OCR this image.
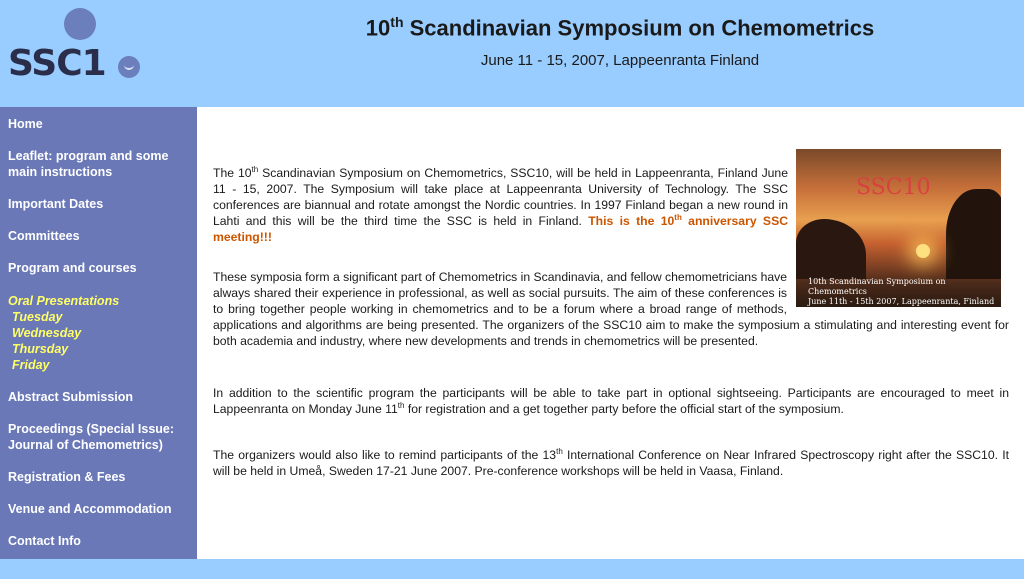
SSC1
10th Scandinavian Symposium on Chemometrics
June 11 - 15, 2007, Lappeenranta Finland
Home
Leaflet: program and some main instructions
Important Dates
Committees
Program and courses
Oral Presentations
Tuesday
Wednesday
Thursday
Friday
Abstract Submission
Proceedings (Special Issue: Journal of Chemometrics)
Registration & Fees
Venue and Accommodation
Contact Info
SSC10
10th Scandinavian Symposium on Chemometrics
June 11th - 15th 2007, Lappeenranta, Finland
The 10th Scandinavian Symposium on Chemometrics, SSC10, will be held in Lappeenranta, Finland June 11 - 15, 2007. The Symposium will take place at Lappeenranta University of Technology. The SSC conferences are biannual and rotate amongst the Nordic countries. In 1997 Finland began a new round in Lahti and this will be the third time the SSC is held in Finland. This is the 10th anniversary SSC meeting!!!
These symposia form a significant part of Chemometrics in Scandinavia, and fellow chemometricians have always shared their experience in professional, as well as social pursuits. The aim of these conferences is to bring together people working in chemometrics and to be a forum where a broad range of methods, applications and algorithms are being presented. The organizers of the SSC10 aim to make the symposium a stimulating and interesting event for both academia and industry, where new developments and trends in chemometrics will be presented.
In addition to the scientific program the participants will be able to take part in optional sightseeing. Participants are encouraged to meet in Lappeenranta on Monday June 11th for registration and a get together party before the official start of the symposium.
The organizers would also like to remind participants of the 13th International Conference on Near Infrared Spectroscopy right after the SSC10. It will be held in Umeå, Sweden 17-21 June 2007. Pre-conference workshops will be held in Vaasa, Finland.
